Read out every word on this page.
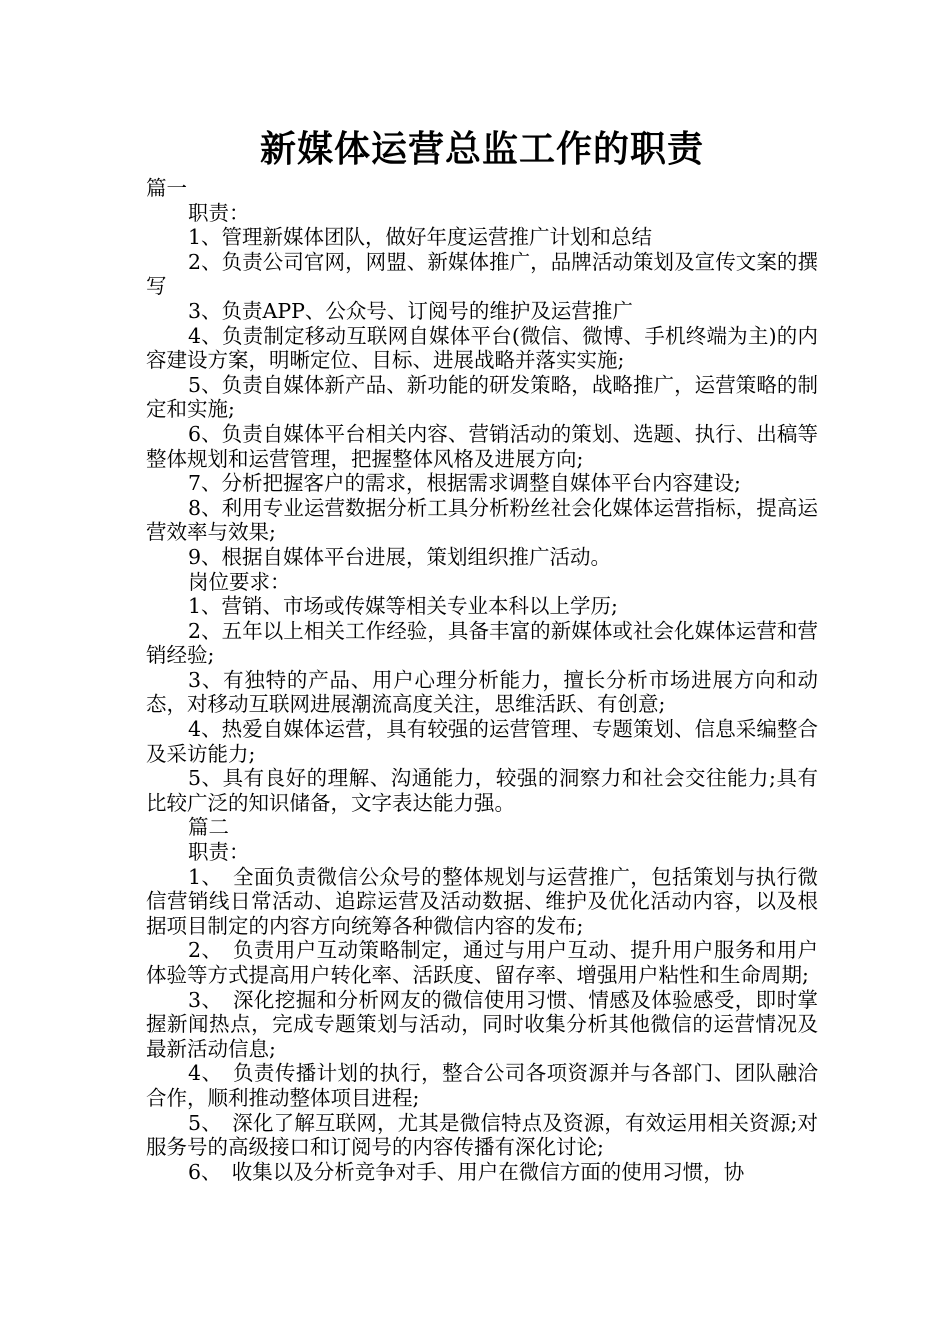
新媒体运营总监工作的职责

篇一

职责：

1、管理新媒体团队，做好年度运营推广计划和总结

2、负责公司官网，网盟、新媒体推广，品牌活动策划及宣传文案的撰写

3、负责APP、公众号、订阅号的维护及运营推广

4、负责制定移动互联网自媒体平台(微信、微博、手机终端为主)的内容建设方案，明晰定位、目标、进展战略并落实实施;

5、负责自媒体新产品、新功能的研发策略，战略推广，运营策略的制定和实施;

6、负责自媒体平台相关内容、营销活动的策划、选题、执行、出稿等整体规划和运营管理，把握整体风格及进展方向;

7、分析把握客户的需求，根据需求调整自媒体平台内容建设;

8、利用专业运营数据分析工具分析粉丝社会化媒体运营指标，提高运营效率与效果;

9、根据自媒体平台进展，策划组织推广活动。

岗位要求：

1、营销、市场或传媒等相关专业本科以上学历;

2、五年以上相关工作经验，具备丰富的新媒体或社会化媒体运营和营销经验;

3、有独特的产品、用户心理分析能力，擅长分析市场进展方向和动态，对移动互联网进展潮流高度关注，思维活跃、有创意;

4、热爱自媒体运营，具有较强的运营管理、专题策划、信息采编整合及采访能力;

5、具有良好的理解、沟通能力，较强的洞察力和社会交往能力;具有比较广泛的知识储备，文字表达能力强。

篇二

职责：

1、　全面负责微信公众号的整体规划与运营推广，包括策划与执行微信营销线日常活动、追踪运营及活动数据、维护及优化活动内容，以及根据项目制定的内容方向统筹各种微信内容的发布;

2、　负责用户互动策略制定，通过与用户互动、提升用户服务和用户体验等方式提高用户转化率、活跃度、留存率、增强用户粘性和生命周期;

3、　深化挖掘和分析网友的微信使用习惯、情感及体验感受，即时掌握新闻热点，完成专题策划与活动，同时收集分析其他微信的运营情况及最新活动信息;

4、　负责传播计划的执行，整合公司各项资源并与各部门、团队融洽合作，顺利推动整体项目进程;

5、　深化了解互联网，尤其是微信特点及资源，有效运用相关资源;对服务号的高级接口和订阅号的内容传播有深化讨论;

6、　收集以及分析竞争对手、用户在微信方面的使用习惯，协
